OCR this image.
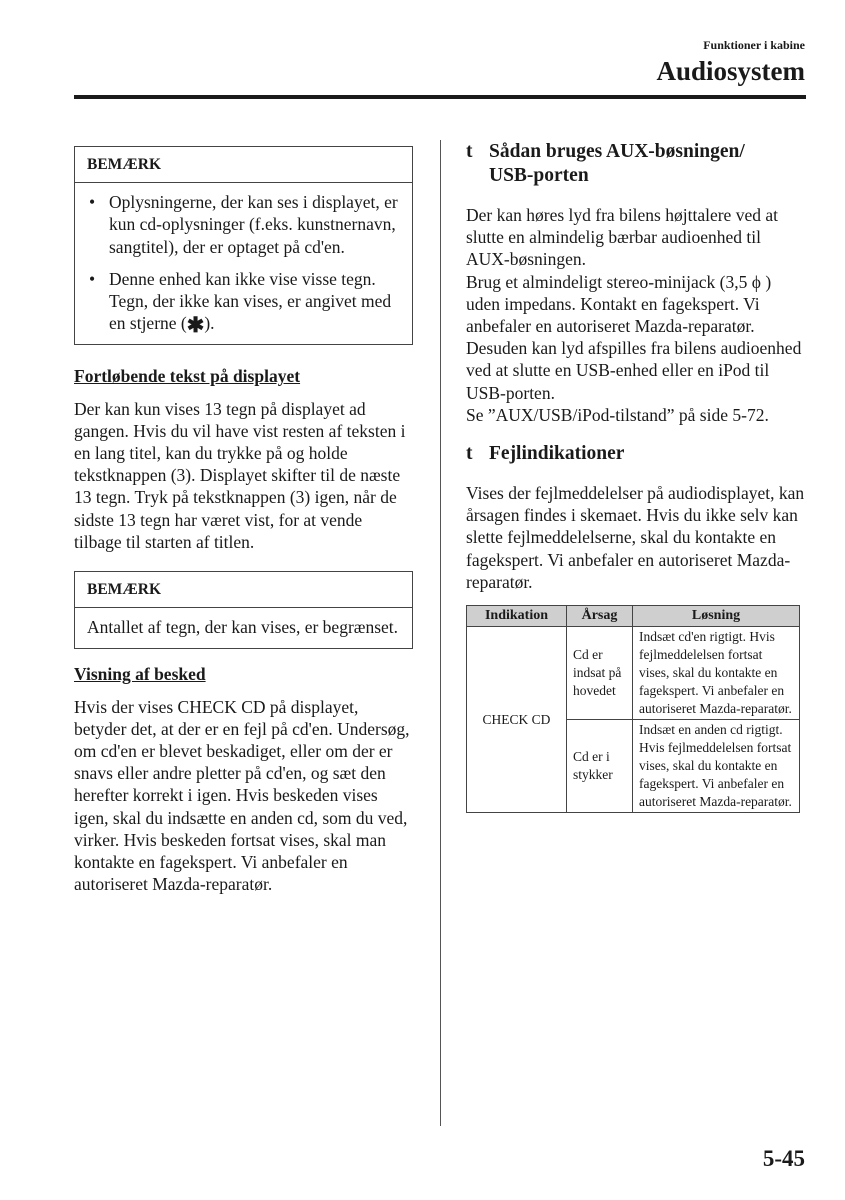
Funktioner i kabine
Audiosystem
BEMÆRK
• Oplysningerne, der kan ses i displayet, er kun cd-oplysninger (f.eks. kunstnernavn, sangtitel), der er optaget på cd'en.
• Denne enhed kan ikke vise visse tegn. Tegn, der ikke kan vises, er angivet med en stjerne (✱).
Fortløbende tekst på displayet

Der kan kun vises 13 tegn på displayet ad gangen. Hvis du vil have vist resten af teksten i en lang titel, kan du trykke på og holde tekstknappen (3). Displayet skifter til de næste 13 tegn. Tryk på tekstknappen (3) igen, når de sidste 13 tegn har været vist, for at vende tilbage til starten af titlen.

BEMÆRK

Antallet af tegn, der kan vises, er begrænset.

Visning af besked

Hvis der vises CHECK CD på displayet, betyder det, at der er en fejl på cd'en. Undersøg, om cd'en er blevet beskadiget, eller om der er snavs eller andre pletter på cd'en, og sæt den herefter korrekt i igen. Hvis beskeden vises igen, skal du indsætte en anden cd, som du ved, virker. Hvis beskeden fortsat vises, skal man kontakte en fagekspert. Vi anbefaler en autoriseret Mazda-reparatør.

t Sådan bruges AUX-bøsningen/
USB-porten

Der kan høres lyd fra bilens højttalere ved at slutte en almindelig bærbar audioenhed til AUX-bøsningen.

Brug et almindeligt stereo-minijack (3,5 ϕ ) uden impedans. Kontakt en fagekspert. Vi anbefaler en autoriseret Mazda-reparatør.

Desuden kan lyd afspilles fra bilens audioenhed ved at slutte en USB-enhed eller en iPod til USB-porten.

Se ”AUX/USB/iPod-tilstand” på side 5-72.

t Fejlindikationer

Vises der fejlmeddelelser på audiodisplayet, kan årsagen findes i skemaet. Hvis du ikke selv kan slette fejlmeddelelserne, skal du kontakte en fagekspert. Vi anbefaler en autoriseret Mazda-reparatør.

Indikation	Årsag	Løsning
CHECK CD	Cd er indsat på hovedet	Indsæt cd'en rigtigt. Hvis fejlmeddelelsen fortsat vises, skal du kontakte en fagekspert. Vi anbefaler en autoriseret Mazda-reparatør.
	Cd er i stykker	Indsæt en anden cd rigtigt. Hvis fejlmeddelelsen fortsat vises, skal du kontakte en fagekspert. Vi anbefaler en autoriseret Mazda-reparatør.
5-45
